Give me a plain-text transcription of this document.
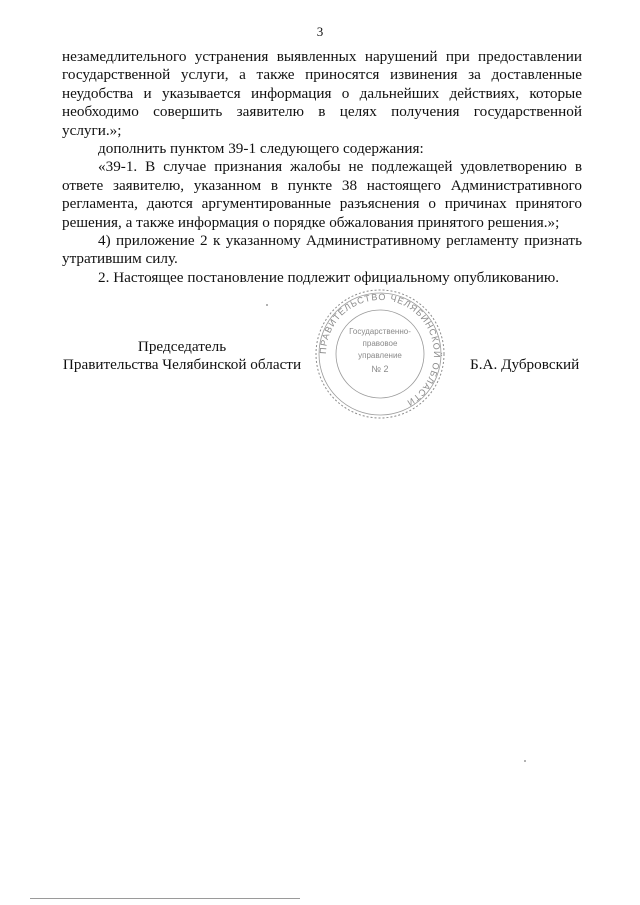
3

незамедлительного устранения выявленных нарушений при предоставлении государственной услуги, а также приносятся извинения за доставленные неудобства и указывается информация о дальнейших действиях, которые необходимо совершить заявителю в целях получения государственной услуги.»;

дополнить пунктом 39-1 следующего содержания:

«39-1. В случае признания жалобы не подлежащей удовлетворению в ответе заявителю, указанном в пункте 38 настоящего Административного регламента, даются аргументированные разъяснения о причинах принятого решения, а также информация о порядке обжалования принятого решения.»;

4) приложение 2 к указанному Административному регламенту признать утратившим силу.

2. Настоящее постановление подлежит официальному опубликованию.

Председатель
Правительства Челябинской области
ПРАВИТЕЛЬСТВО ЧЕЛЯБИНСКОЙ ОБЛАСТИ
Государственно-
правовое
управление
№ 2	Б.А. Дубровский
